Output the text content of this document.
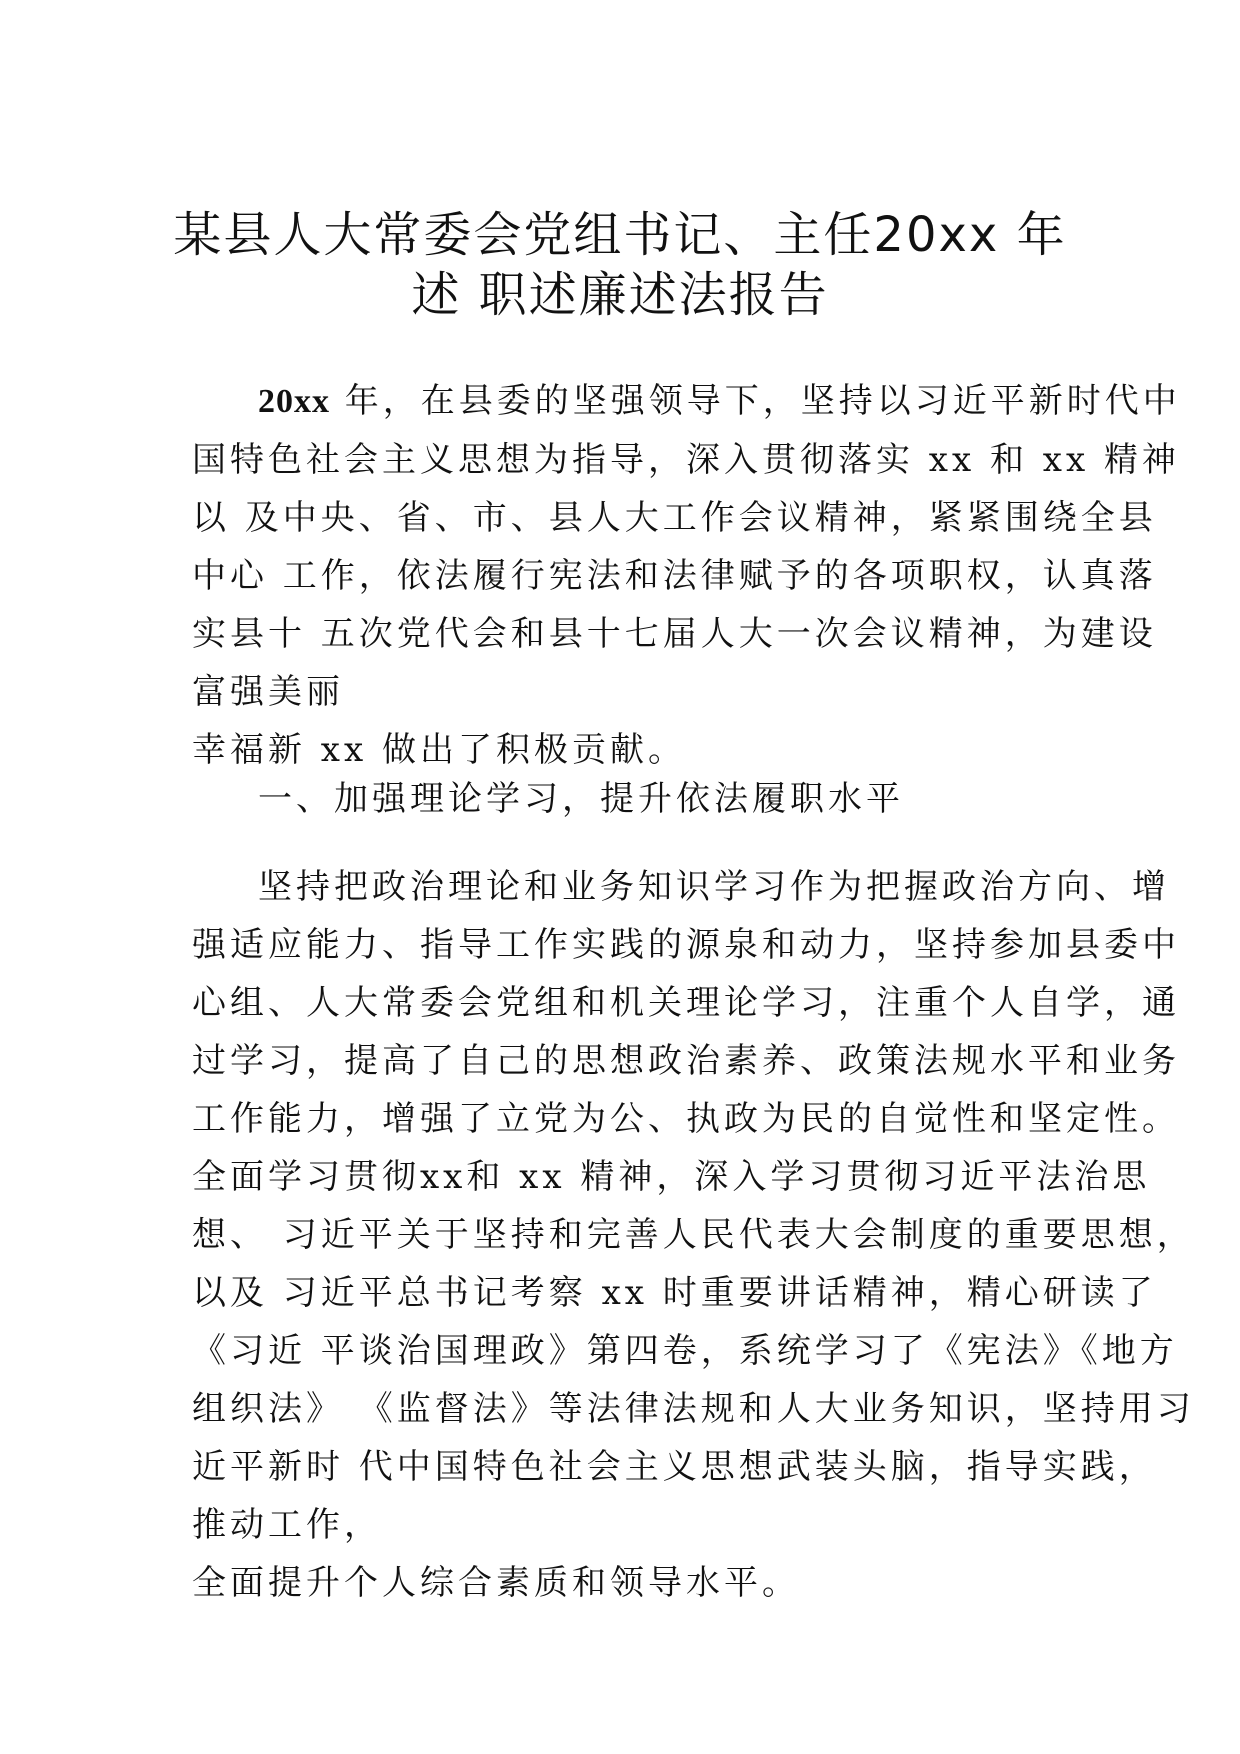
某县人大常委会党组书记、主任20xx 年
述 职述廉述法报告
20xx 年，在县委的坚强领导下，坚持以习近平新时代中
国特色社会主义思想为指导，深入贯彻落实 xx 和 xx 精神
以 及中央、省、市、县人大工作会议精神，紧紧围绕全县
中心 工作，依法履行宪法和法律赋予的各项职权，认真落
实县十 五次党代会和县十七届人大一次会议精神，为建设
富强美丽
幸福新 xx 做出了积极贡献。
一、加强理论学习，提升依法履职水平
坚持把政治理论和业务知识学习作为把握政治方向、增
强适应能力、指导工作实践的源泉和动力，坚持参加县委中
心组、人大常委会党组和机关理论学习，注重个人自学，通
过学习，提高了自己的思想政治素养、政策法规水平和业务
工作能力，增强了立党为公、执政为民的自觉性和坚定性。
全面学习贯彻xx和 xx 精神，深入学习贯彻习近平法治思
想、 习近平关于坚持和完善人民代表大会制度的重要思想，
以及 习近平总书记考察 xx 时重要讲话精神，精心研读了
《习近 平谈治国理政》第四卷，系统学习了《宪法》《地方
组织法》 《监督法》等法律法规和人大业务知识，坚持用习
近平新时 代中国特色社会主义思想武装头脑，指导实践，
推动工作，
全面提升个人综合素质和领导水平。
